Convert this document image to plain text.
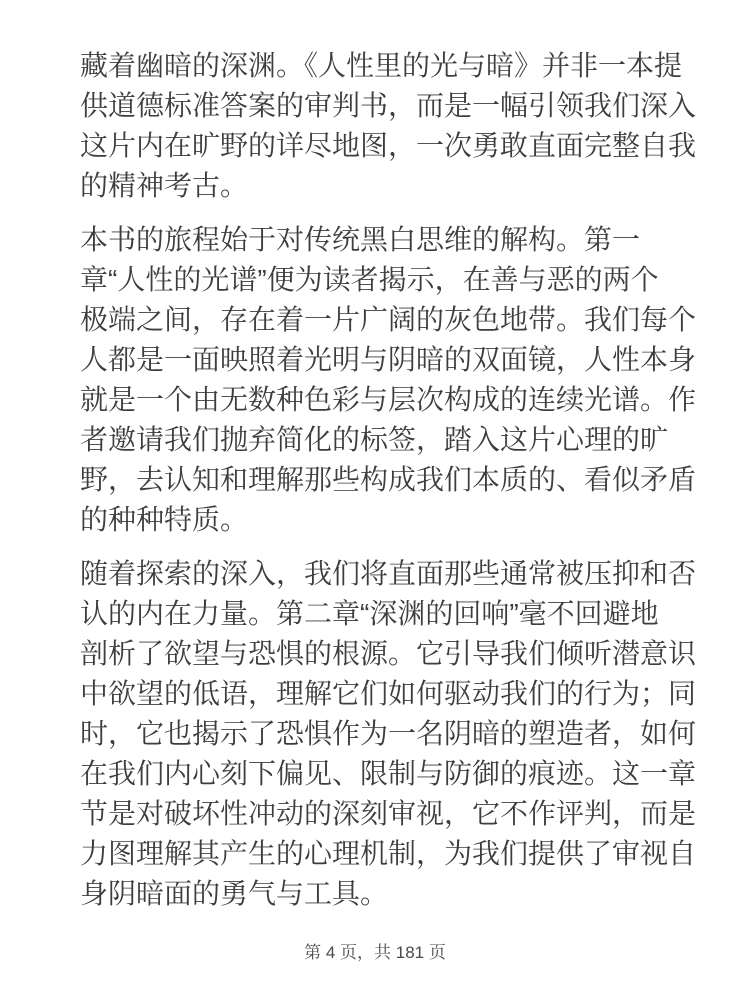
藏着幽暗的深渊。《人性里的光与暗》并非一本提
供道德标准答案的审判书，而是一幅引领我们深入
这片内在旷野的详尽地图，一次勇敢直面完整自我
的精神考古。

本书的旅程始于对传统黑白思维的解构。第一
章“人性的光谱”便为读者揭示，在善与恶的两个
极端之间，存在着一片广阔的灰色地带。我们每个
人都是一面映照着光明与阴暗的双面镜，人性本身
就是一个由无数种色彩与层次构成的连续光谱。作
者邀请我们抛弃简化的标签，踏入这片心理的旷
野，去认知和理解那些构成我们本质的、看似矛盾
的种种特质。

随着探索的深入，我们将直面那些通常被压抑和否
认的内在力量。第二章“深渊的回响”毫不回避地
剖析了欲望与恐惧的根源。它引导我们倾听潜意识
中欲望的低语，理解它们如何驱动我们的行为；同
时，它也揭示了恐惧作为一名阴暗的塑造者，如何
在我们内心刻下偏见、限制与防御的痕迹。这一章
节是对破坏性冲动的深刻审视，它不作评判，而是
力图理解其产生的心理机制，为我们提供了审视自
身阴暗面的勇气与工具。

第 4 页，共 181 页
